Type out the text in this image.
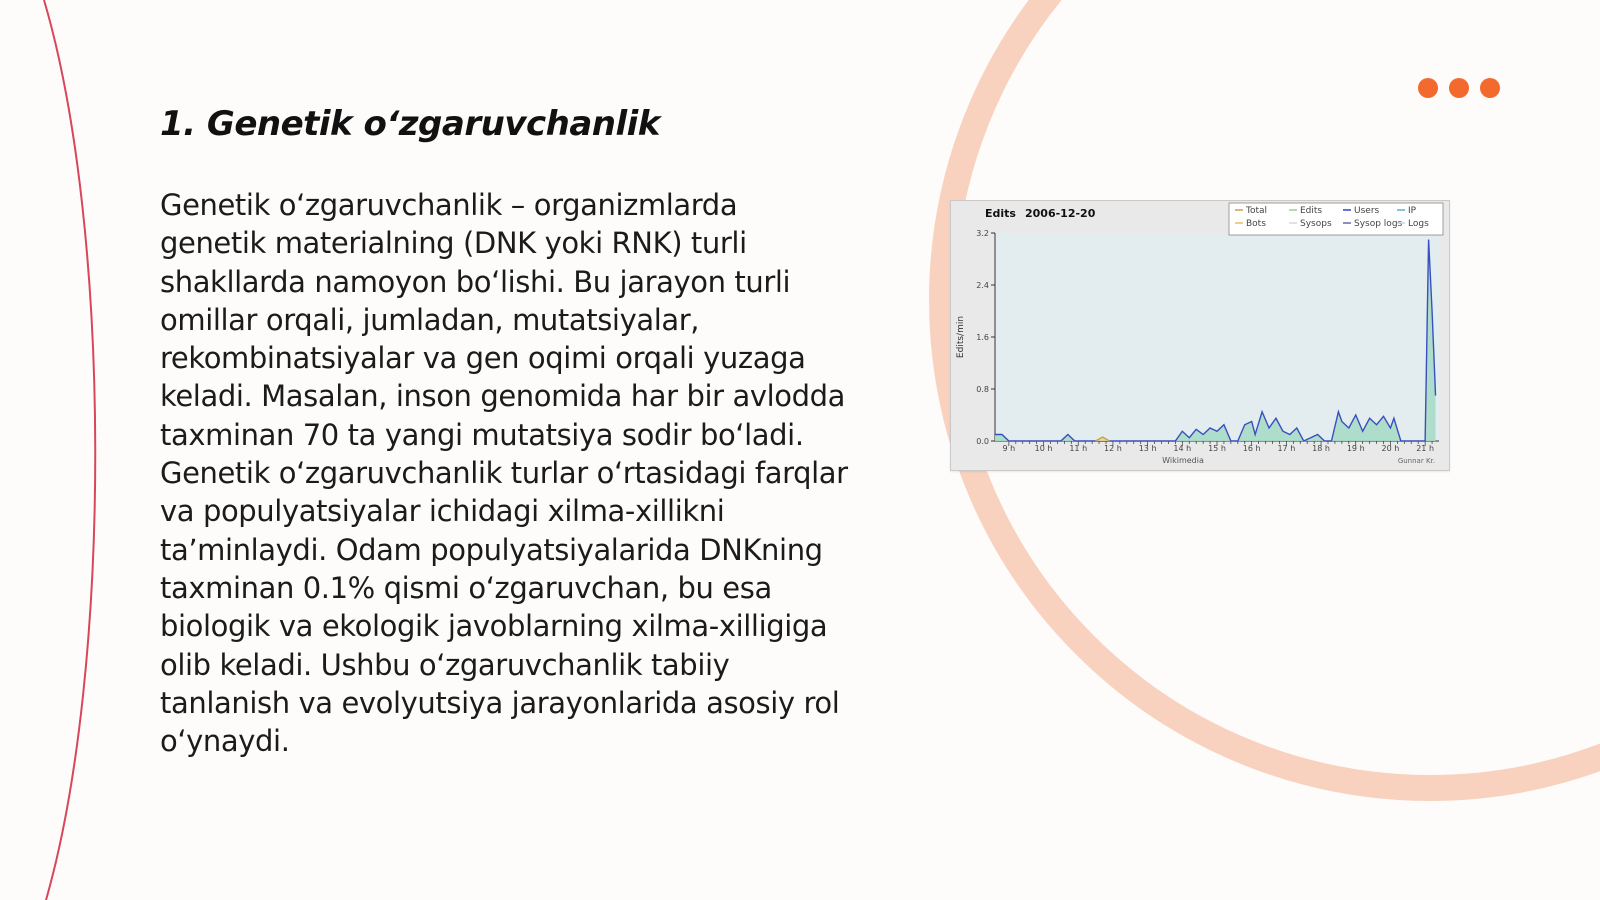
1. Genetik o‘zgaruvchanlik

Genetik o‘zgaruvchanlik – organizmlarda genetik materialning (DNK yoki RNK) turli shakllarda namoyon bo‘lishi. Bu jarayon turli omillar orqali, jumladan, mutatsiyalar, rekombinatsiyalar va gen oqimi orqali yuzaga keladi. Masalan, inson genomida har bir avlodda taxminan 70 ta yangi mutatsiya sodir bo‘ladi. Genetik o‘zgaruvchanlik turlar o‘rtasidagi farqlar va populyatsiyalar ichidagi xilma-xillikni ta’minlaydi. Odam populyatsiyalarida DNKning taxminan 0.1% qismi o‘zgaruvchan, bu esa biologik va ekologik javoblarning xilma-xilligiga olib keladi. Ushbu o‘zgaruvchanlik tabiiy tanlanish va evolyutsiya jarayonlarida asosiy rol o‘ynaydi.

Edits 2006-12-20	Total	Edits	Users	IP
Bots	Sysops Sysop logs Logs
0.0
0.8
1.6
2.4
3.2
Edits/min
9 h 10 h 11 h 12 h 13 h 14 h 15 h 16 h 17 h 18 h 19 h 20 h 21 h
Wikimedia	Gunnar Kr.
